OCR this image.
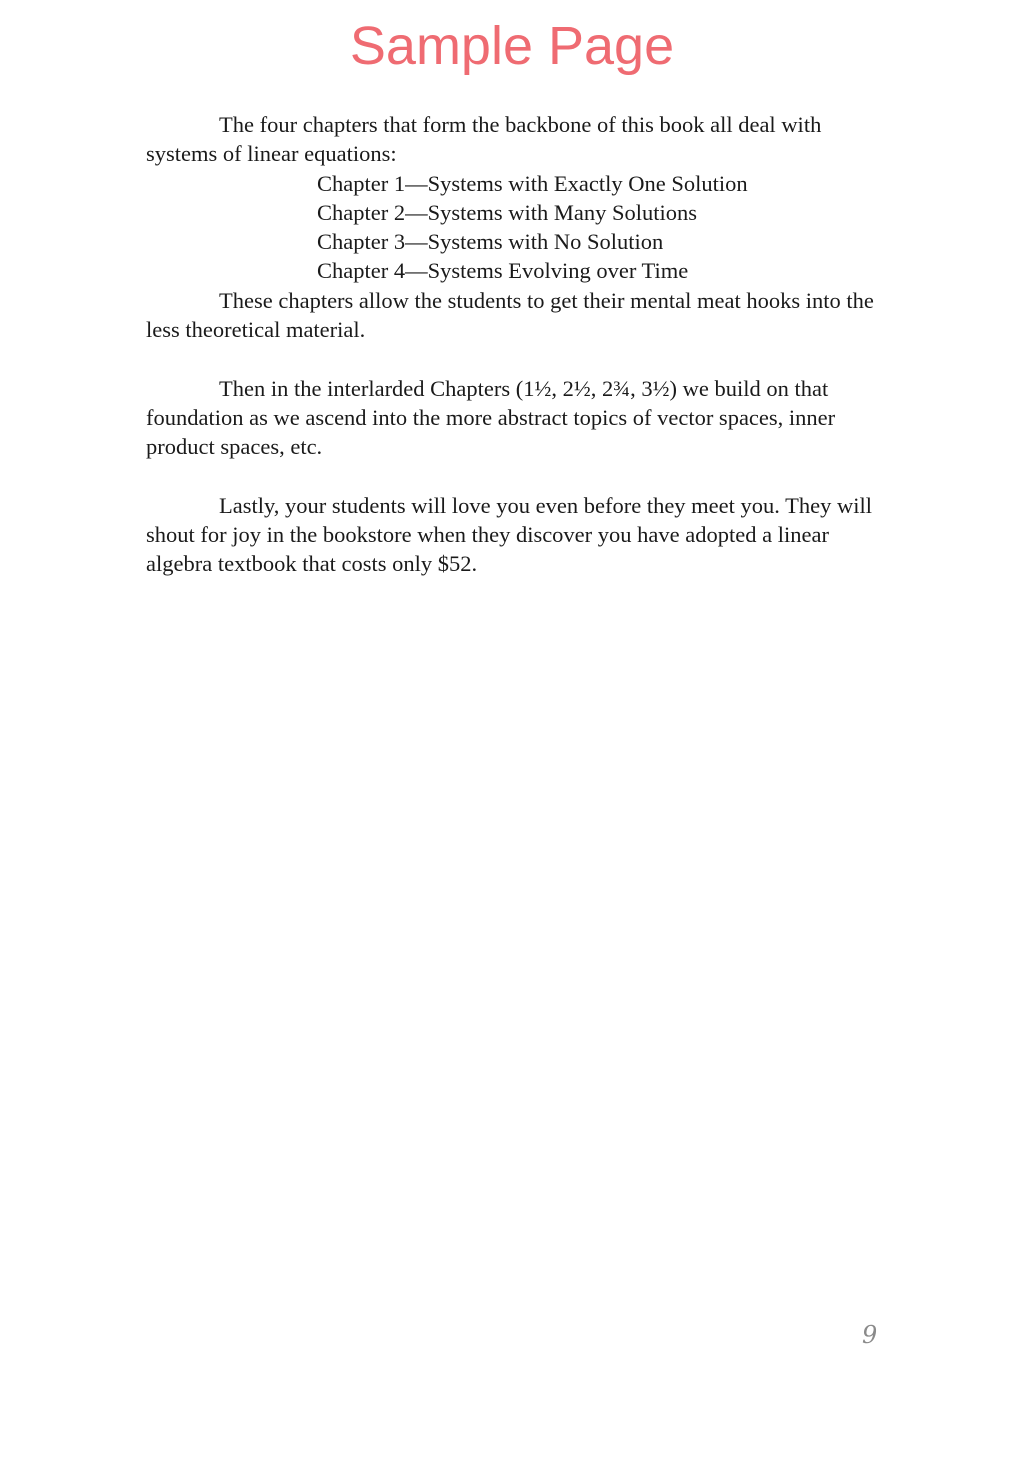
Sample Page

The four chapters that form the backbone of this book all deal with systems of linear equations:

Chapter 1—Systems with Exactly One Solution
Chapter 2—Systems with Many Solutions
Chapter 3—Systems with No Solution
Chapter 4—Systems Evolving over Time

These chapters allow the students to get their mental meat hooks into the less theoretical material.

Then in the interlarded Chapters (1½, 2½, 2¾, 3½) we build on that foundation as we ascend into the more abstract topics of vector spaces, inner product spaces, etc.

Lastly, your students will love you even before they meet you. They will shout for joy in the bookstore when they discover you have adopted a linear algebra textbook that costs only $52.

9
